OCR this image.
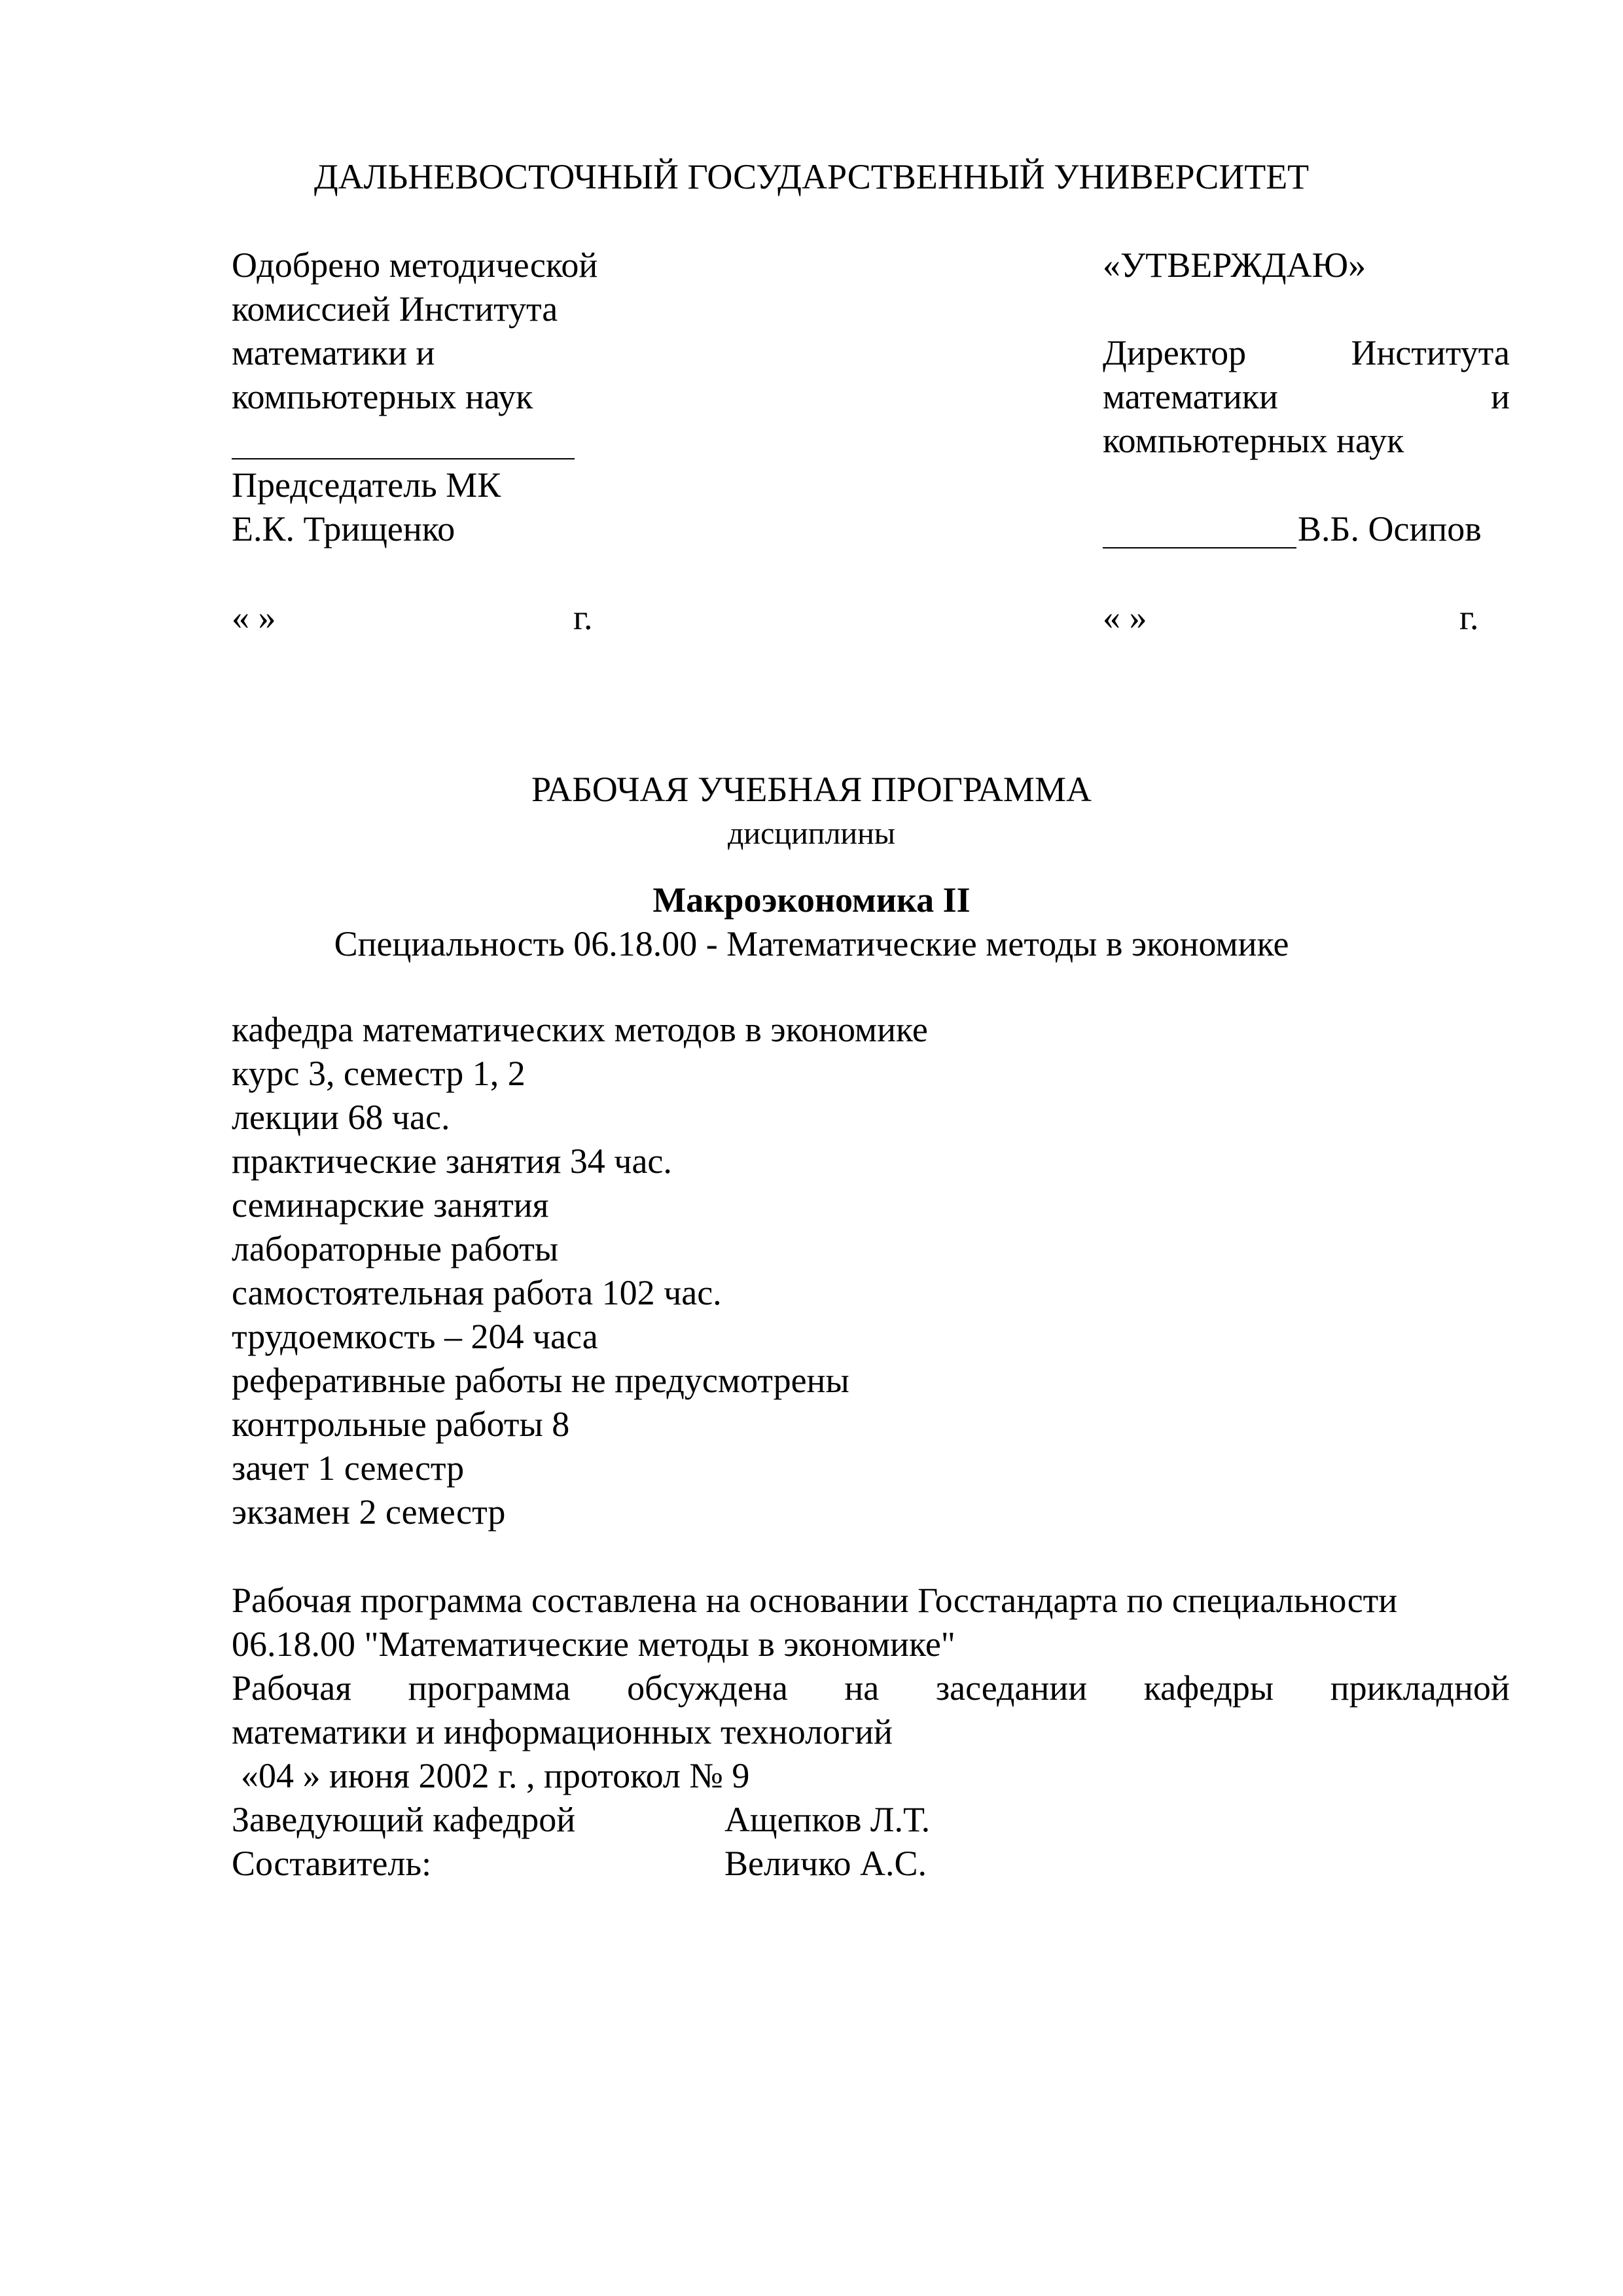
ДАЛЬНЕВОСТОЧНЫЙ ГОСУДАРСТВЕННЫЙ УНИВЕРСИТЕТ
Одобрено методической
комиссией Института
математики и
компьютерных наук
Председатель МК
Е.К. Трищенко
« »	г.
«УТВЕРЖДАЮ»
Директор	Института
математики	и
компьютерных наук
В.Б. Осипов
« »	г.
РАБОЧАЯ УЧЕБНАЯ ПРОГРАММА
дисциплины
Макроэкономика II
Специальность 06.18.00 - Математические методы в экономике
кафедра математических методов в экономике
курс 3, семестр 1, 2
лекции 68 час.
практические занятия 34 час.
семинарские занятия
лабораторные работы
самостоятельная работа 102 час.
трудоемкость – 204 часа
реферативные работы не предусмотрены
контрольные работы 8
зачет 1 семестр
экзамен 2 семестр
Рабочая программа составлена на основании Госстандарта по специальности
06.18.00 "Математические методы в экономике"
Рабочая программа обсуждена на заседании кафедры прикладной
математики и информационных технологий
«04 » июня 2002 г. , протокол № 9
Заведующий кафедрой	Ащепков Л.Т.
Составитель:	Величко А.С.
